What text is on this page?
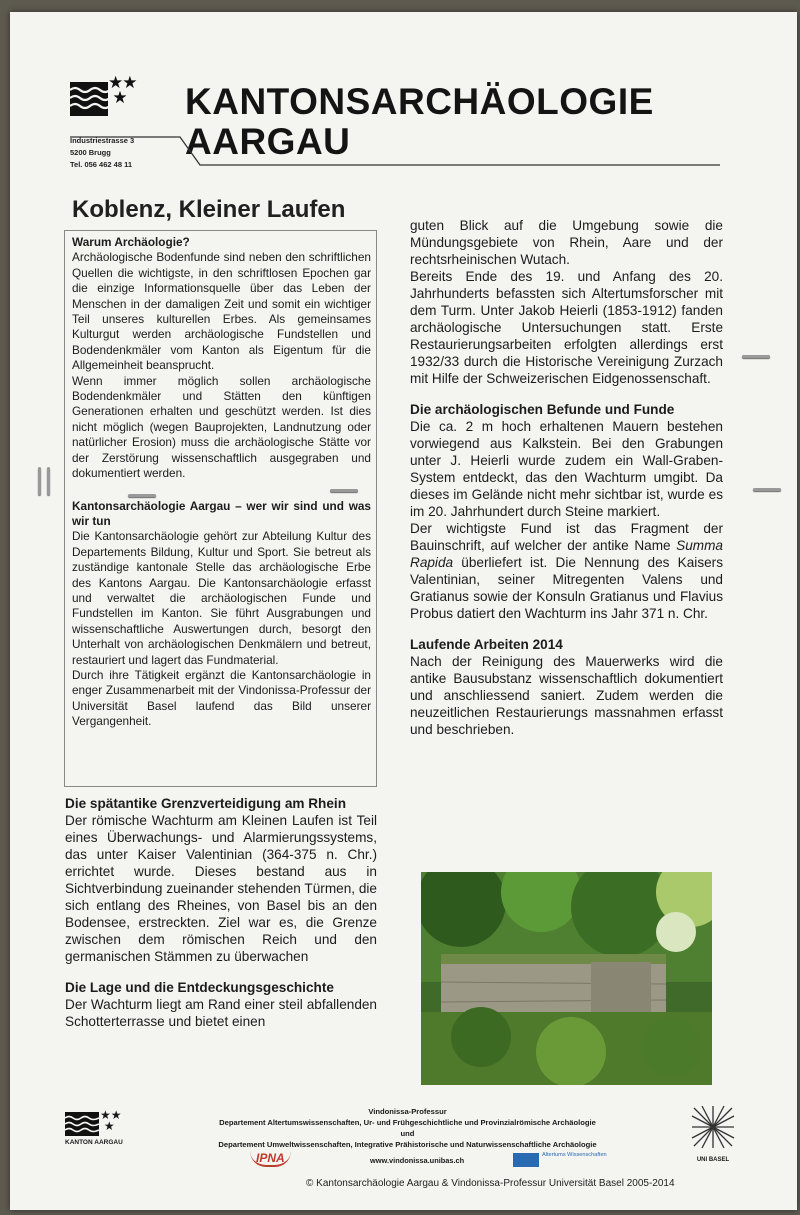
★★
★
Industriestrasse 3
5200 Brugg
Tel. 056 462 48 11
KANTONSARCHÄOLOGIE
AARGAU
Koblenz, Kleiner Laufen
Warum Archäologie?

Archäologische Bodenfunde sind neben den schriftlichen Quellen die wichtigste, in den schriftlosen Epochen gar die einzige Informationsquelle über das Leben der Menschen in der damaligen Zeit und somit ein wichtiger Teil unseres kulturellen Erbes. Als gemeinsames Kulturgut werden archäologische Fundstellen und Bodendenkmäler vom Kanton als Eigentum für die Allgemeinheit beansprucht.

Wenn immer möglich sollen archäologische Bodendenkmäler und Stätten den künftigen Generationen erhalten und geschützt werden. Ist dies nicht möglich (wegen Bauprojekten, Landnutzung oder natürlicher Erosion) muss die archäologische Stätte vor der Zerstörung wissenschaftlich ausgegraben und dokumentiert werden.

Kantonsarchäologie Aargau – wer wir sind und was wir tun

Die Kantonsarchäologie gehört zur Abteilung Kultur des Departements Bildung, Kultur und Sport. Sie betreut als zuständige kantonale Stelle das archäologische Erbe des Kantons Aargau. Die Kantonsarchäologie erfasst und verwaltet die archäologischen Funde und Fundstellen im Kanton. Sie führt Ausgrabungen und wissenschaftliche Auswertungen durch, besorgt den Unterhalt von archäologischen Denkmälern und betreut, restauriert und lagert das Fundmaterial.

Durch ihre Tätigkeit ergänzt die Kantonsarchäologie in enger Zusammenarbeit mit der Vindonissa-Professur der Universität Basel laufend das Bild unserer Vergangenheit.

Die spätantike Grenzverteidigung am Rhein

Der römische Wachturm am Kleinen Laufen ist Teil eines Überwachungs- und Alarmierungssystems, das unter Kaiser Valentinian (364-375 n. Chr.) errichtet wurde. Dieses bestand aus in Sichtverbindung zueinander stehenden Türmen, die sich entlang des Rheines, von Basel bis an den Bodensee, erstreckten. Ziel war es, die Grenze zwischen dem römischen Reich und den germanischen Stämmen zu überwachen

Die Lage und die Entdeckungsgeschichte

Der Wachturm liegt am Rand einer steil abfallenden Schotterterrasse und bietet einen

guten Blick auf die Umgebung sowie die Mündungsgebiete von Rhein, Aare und der rechtsrheinischen Wutach.

Bereits Ende des 19. und Anfang des 20. Jahrhunderts befassten sich Altertumsforscher mit dem Turm. Unter Jakob Heierli (1853-1912) fanden archäologische Untersuchungen statt. Erste Restaurierungsarbeiten erfolgten allerdings erst 1932/33 durch die Historische Vereinigung Zurzach mit Hilfe der Schweizerischen Eidgenossenschaft.

Die archäologischen Befunde und Funde

Die ca. 2 m hoch erhaltenen Mauern bestehen vorwiegend aus Kalkstein. Bei den Grabungen unter J. Heierli wurde zudem ein Wall-Graben-System entdeckt, das den Wachturm umgibt. Da dieses im Gelände nicht mehr sichtbar ist, wurde es im 20. Jahrhundert durch Steine markiert.

Der wichtigste Fund ist das Fragment der Bauinschrift, auf welcher der antike Name Summa Rapida überliefert ist. Die Nennung des Kaisers Valentinian, seiner Mitregenten Valens und Gratianus sowie der Konsuln Gratianus und Flavius Probus datiert den Wachturm ins Jahr 371 n. Chr.

Laufende Arbeiten 2014

Nach der Reinigung des Mauerwerks wird die antike Bausubstanz wissenschaftlich dokumentiert und anschliessend saniert. Zudem werden die neuzeitlichen Restaurierungs massnahmen erfasst und beschrieben.

★★
★
KANTON AARGAU
Vindonissa-Professur
Departement Altertumswissenschaften, Ur- und Frühgeschichtliche und Provinzialrömische Archäologie
und
Departement Umweltwissenschaften, Integrative Prähistorische und Naturwissenschaftliche Archäologie
IPNA	www.vindonissa.unibas.ch
Altertums Wissenschaften
UNI BASEL
© Kantonsarchäologie Aargau & Vindonissa-Professur Universität Basel 2005-2014
